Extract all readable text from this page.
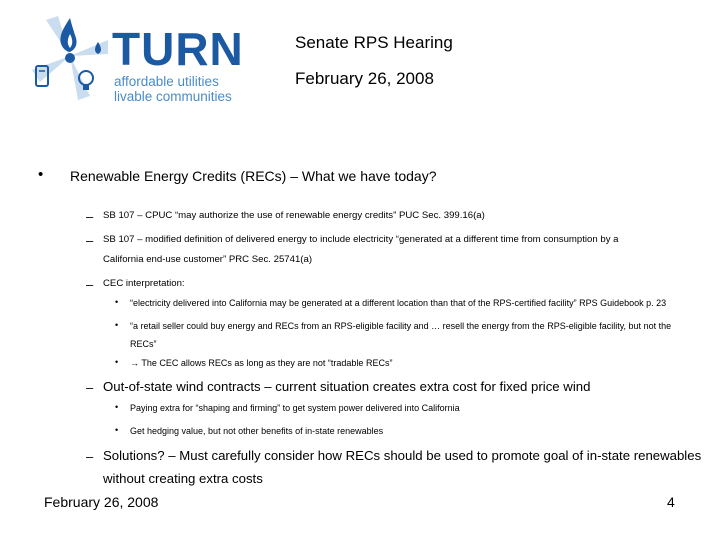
TURN
affordable utilities
livable communities
Senate RPS Hearing
February 26, 2008
• Renewable Energy Credits (RECs) – What we have today?
– SB 107 – CPUC “may authorize the use of renewable energy credits” PUC Sec. 399.16(a)
– SB 107 – modified definition of delivered energy to include electricity “generated at a different time from consumption by a
California end-use customer” PRC Sec. 25741(a)
– CEC interpretation:
• “electricity delivered into California may be generated at a different location than that of the RPS-certified facility” RPS Guidebook p. 23
• “a retail seller could buy energy and RECs from an RPS-eligible facility and … resell the energy from the RPS-eligible facility, but not the
RECs”
• → The CEC allows RECs as long as they are not “tradable RECs”
– Out-of-state wind contracts – current situation creates extra cost for fixed price wind
• Paying extra for “shaping and firming” to get system power delivered into California
• Get hedging value, but not other benefits of in-state renewables
– Solutions? – Must carefully consider how RECs should be used to promote goal of in-state renewables
without creating extra costs
February 26, 2008	4
